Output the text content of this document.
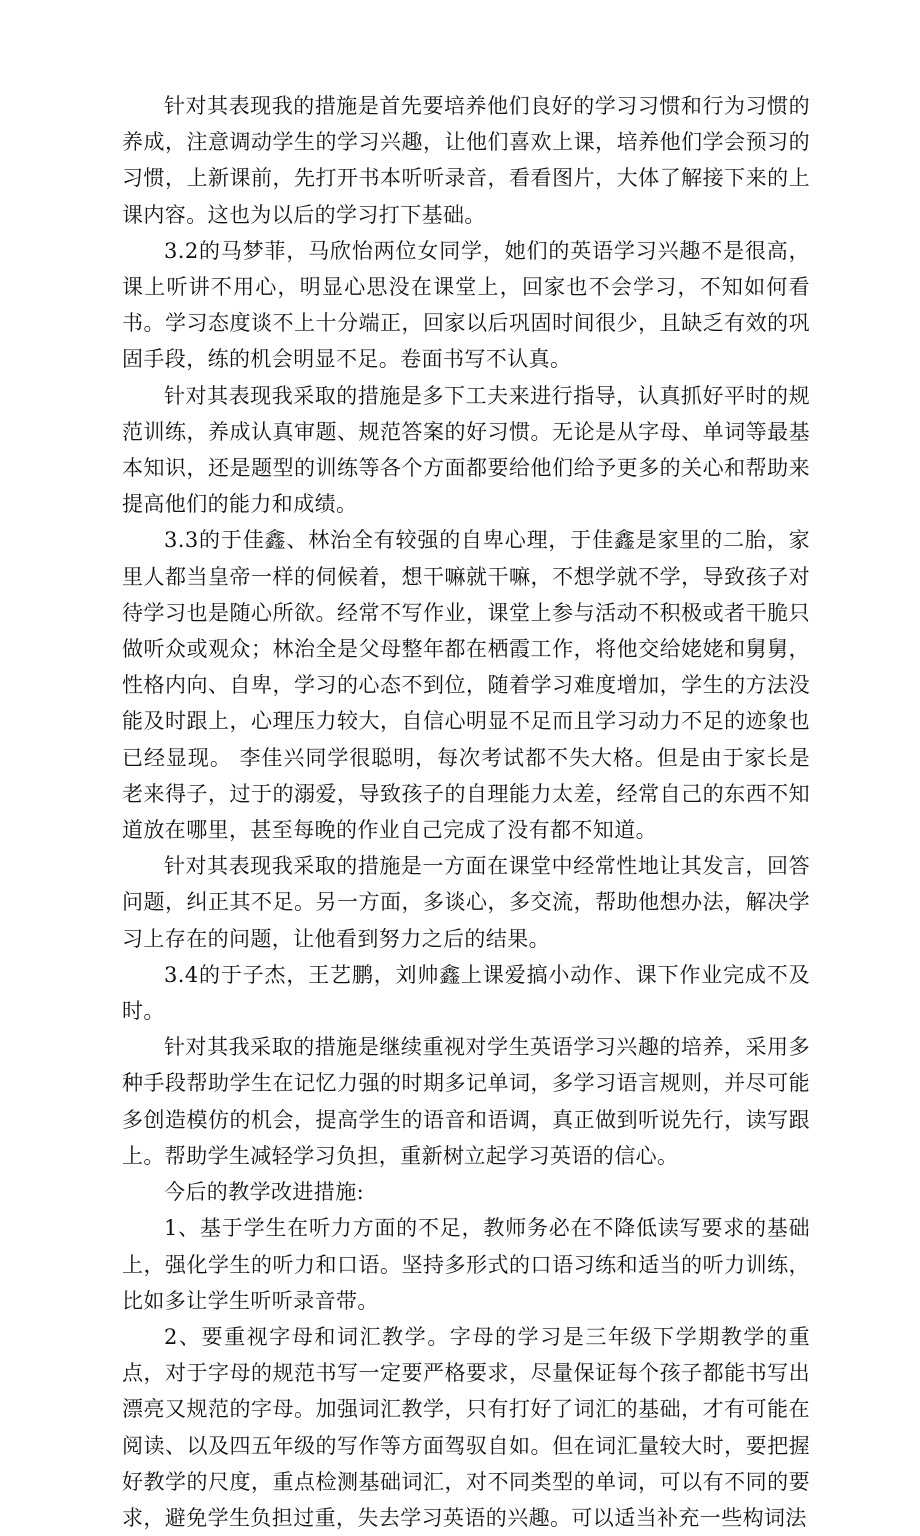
针对其表现我的措施是首先要培养他们良好的学习习惯和行为习惯的养成，注意调动学生的学习兴趣，让他们喜欢上课，培养他们学会预习的习惯，上新课前，先打开书本听听录音，看看图片，大体了解接下来的上课内容。这也为以后的学习打下基础。

3.2的马梦菲，马欣怡两位女同学，她们的英语学习兴趣不是很高，课上听讲不用心，明显心思没在课堂上，回家也不会学习，不知如何看书。学习态度谈不上十分端正，回家以后巩固时间很少，且缺乏有效的巩固手段，练的机会明显不足。卷面书写不认真。

针对其表现我采取的措施是多下工夫来进行指导，认真抓好平时的规范训练，养成认真审题、规范答案的好习惯。无论是从字母、单词等最基本知识，还是题型的训练等各个方面都要给他们给予更多的关心和帮助来提高他们的能力和成绩。

3.3的于佳鑫、林治全有较强的自卑心理，于佳鑫是家里的二胎，家里人都当皇帝一样的伺候着，想干嘛就干嘛，不想学就不学，导致孩子对待学习也是随心所欲。经常不写作业，课堂上参与活动不积极或者干脆只做听众或观众；林治全是父母整年都在栖霞工作，将他交给姥姥和舅舅，性格内向、自卑，学习的心态不到位，随着学习难度增加，学生的方法没能及时跟上，心理压力较大，自信心明显不足而且学习动力不足的迹象也已经显现。 李佳兴同学很聪明，每次考试都不失大格。但是由于家长是老来得子，过于的溺爱，导致孩子的自理能力太差，经常自己的东西不知道放在哪里，甚至每晚的作业自己完成了没有都不知道。

针对其表现我采取的措施是一方面在课堂中经常性地让其发言，回答问题，纠正其不足。另一方面，多谈心，多交流，帮助他想办法，解决学习上存在的问题，让他看到努力之后的结果。

3.4的于子杰，王艺鹏，刘帅鑫上课爱搞小动作、课下作业完成不及时。

针对其我采取的措施是继续重视对学生英语学习兴趣的培养，采用多种手段帮助学生在记忆力强的时期多记单词，多学习语言规则，并尽可能多创造模仿的机会，提高学生的语音和语调，真正做到听说先行，读写跟上。帮助学生减轻学习负担，重新树立起学习英语的信心。

今后的教学改进措施:

1、基于学生在听力方面的不足，教师务必在不降低读写要求的基础上，强化学生的听力和口语。坚持多形式的口语习练和适当的听力训练，比如多让学生听听录音带。

2、要重视字母和词汇教学。字母的学习是三年级下学期教学的重点，对于字母的规范书写一定要严格要求，尽量保证每个孩子都能书写出漂亮又规范的字母。加强词汇教学，只有打好了词汇的基础，才有可能在阅读、以及四五年级的写作等方面驾驭自如。但在词汇量较大时，要把握好教学的尺度，重点检测基础词汇，对不同类型的单词，可以有不同的要求，避免学生负担过重，失去学习英语的兴趣。可以适当补充一些构词法
